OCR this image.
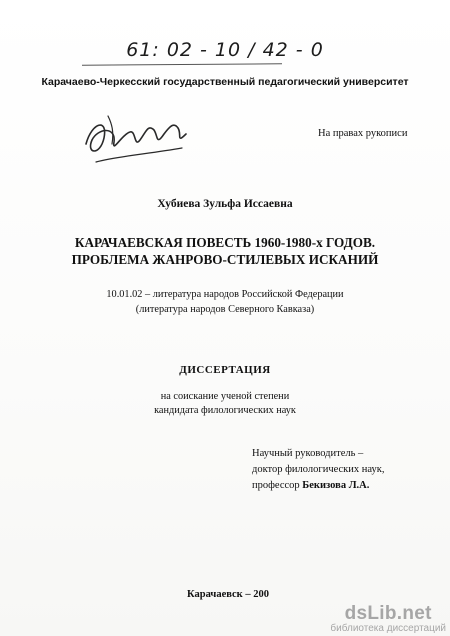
61: 02 - 10 / 42 - 0
Карачаево-Черкесский государственный педагогический университет
На правах рукописи
Хубиева Зульфа Иссаевна
КАРАЧАЕВСКАЯ ПОВЕСТЬ 1960-1980-х ГОДОВ.
ПРОБЛЕМА ЖАНРОВО-СТИЛЕВЫХ ИСКАНИЙ
10.01.02 – литература народов Российской Федерации
(литература народов Северного Кавказа)
ДИССЕРТАЦИЯ
на соискание ученой степени
кандидата филологических наук
Научный руководитель –
доктор филологических наук,
профессор Бекизова Л.А.
Карачаевск – 200
dsLib.net
библиотека диссертаций
